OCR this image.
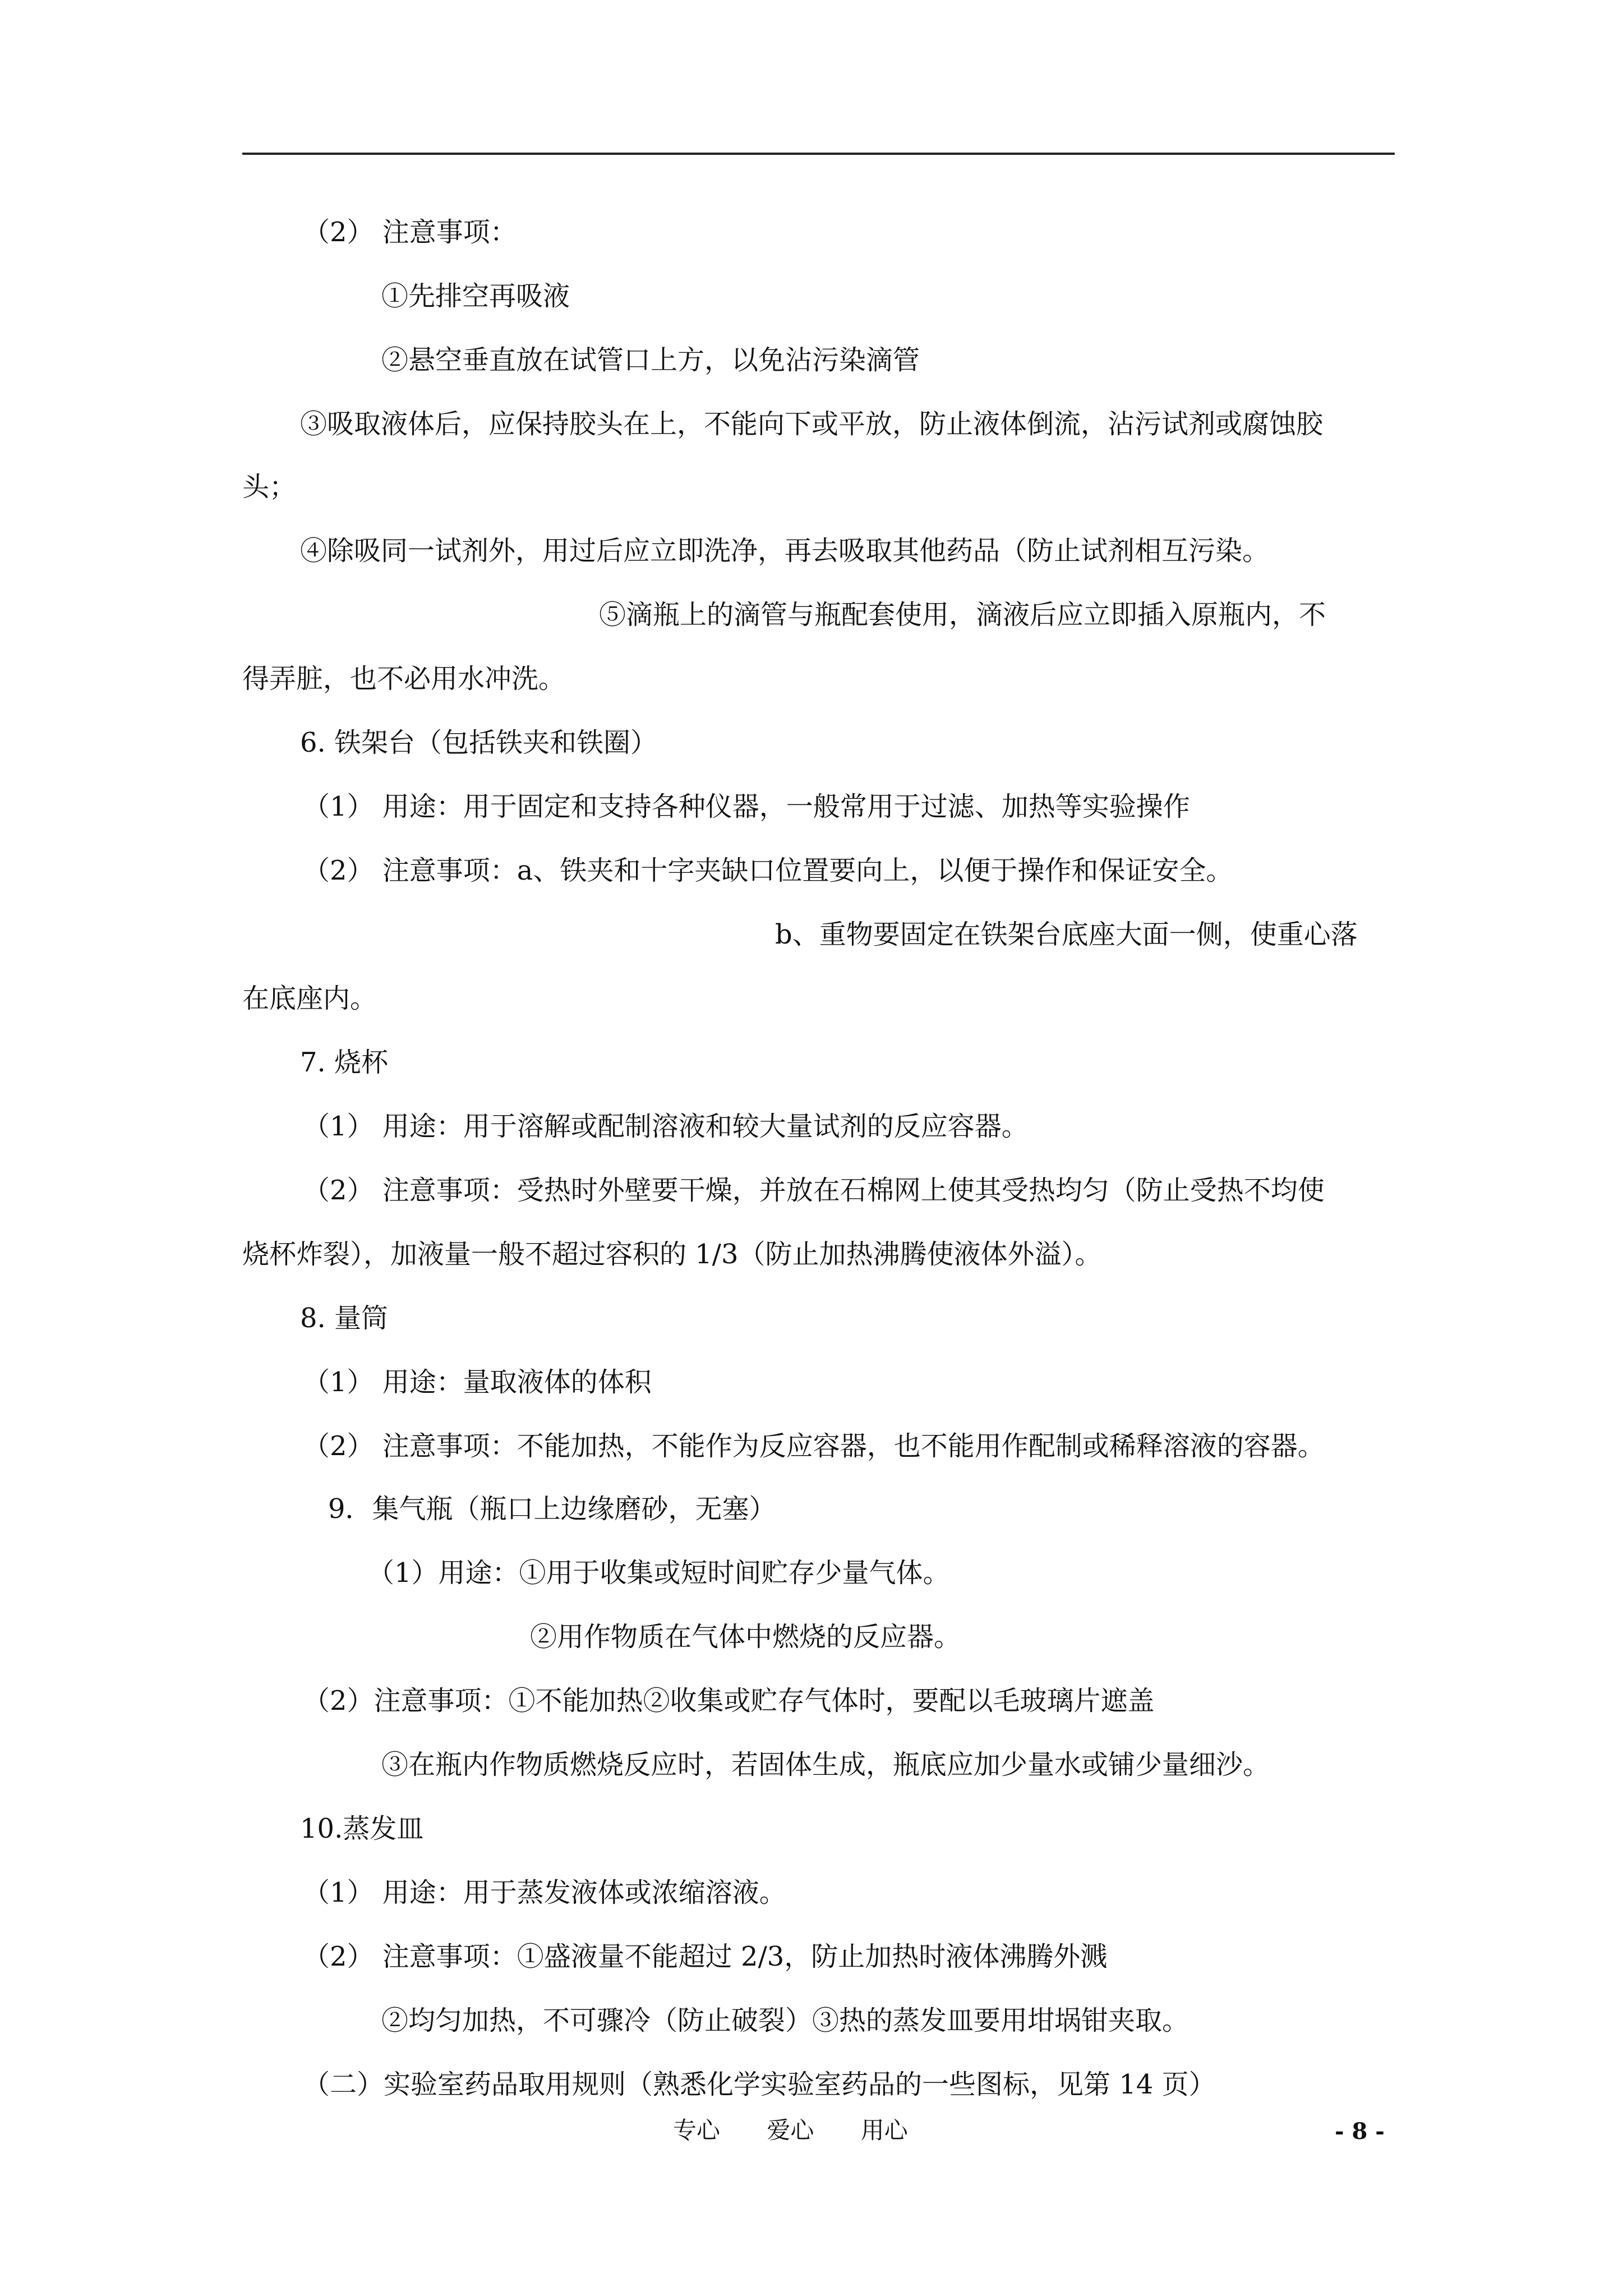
（2） 注意事项：
①先排空再吸液
②悬空垂直放在试管口上方，以免沾污染滴管
③吸取液体后，应保持胶头在上，不能向下或平放，防止液体倒流，沾污试剂或腐蚀胶
头；
④除吸同一试剂外，用过后应立即洗净，再去吸取其他药品（防止试剂相互污染。
⑤滴瓶上的滴管与瓶配套使用，滴液后应立即插入原瓶内，不
得弄脏，也不必用水冲洗。
6. 铁架台（包括铁夹和铁圈）
（1） 用途：用于固定和支持各种仪器，一般常用于过滤、加热等实验操作
（2） 注意事项：a、铁夹和十字夹缺口位置要向上，以便于操作和保证安全。
b、重物要固定在铁架台底座大面一侧，使重心落
在底座内。
7. 烧杯
（1） 用途：用于溶解或配制溶液和较大量试剂的反应容器。
（2） 注意事项：受热时外壁要干燥，并放在石棉网上使其受热均匀（防止受热不均使
烧杯炸裂），加液量一般不超过容积的 1/3（防止加热沸腾使液体外溢）。
8. 量筒
（1） 用途：量取液体的体积
（2） 注意事项：不能加热，不能作为反应容器，也不能用作配制或稀释溶液的容器。
9．集气瓶（瓶口上边缘磨砂，无塞）
（1）用途：①用于收集或短时间贮存少量气体。
②用作物质在气体中燃烧的反应器。
（2）注意事项：①不能加热②收集或贮存气体时，要配以毛玻璃片遮盖
③在瓶内作物质燃烧反应时，若固体生成，瓶底应加少量水或铺少量细沙。
10.蒸发皿
（1） 用途：用于蒸发液体或浓缩溶液。
（2） 注意事项：①盛液量不能超过 2/3，防止加热时液体沸腾外溅
②均匀加热，不可骤冷（防止破裂）③热的蒸发皿要用坩埚钳夹取。
（二）实验室药品取用规则（熟悉化学实验室药品的一些图标，见第 14 页）
专心 爱心 用心	- 8 -
